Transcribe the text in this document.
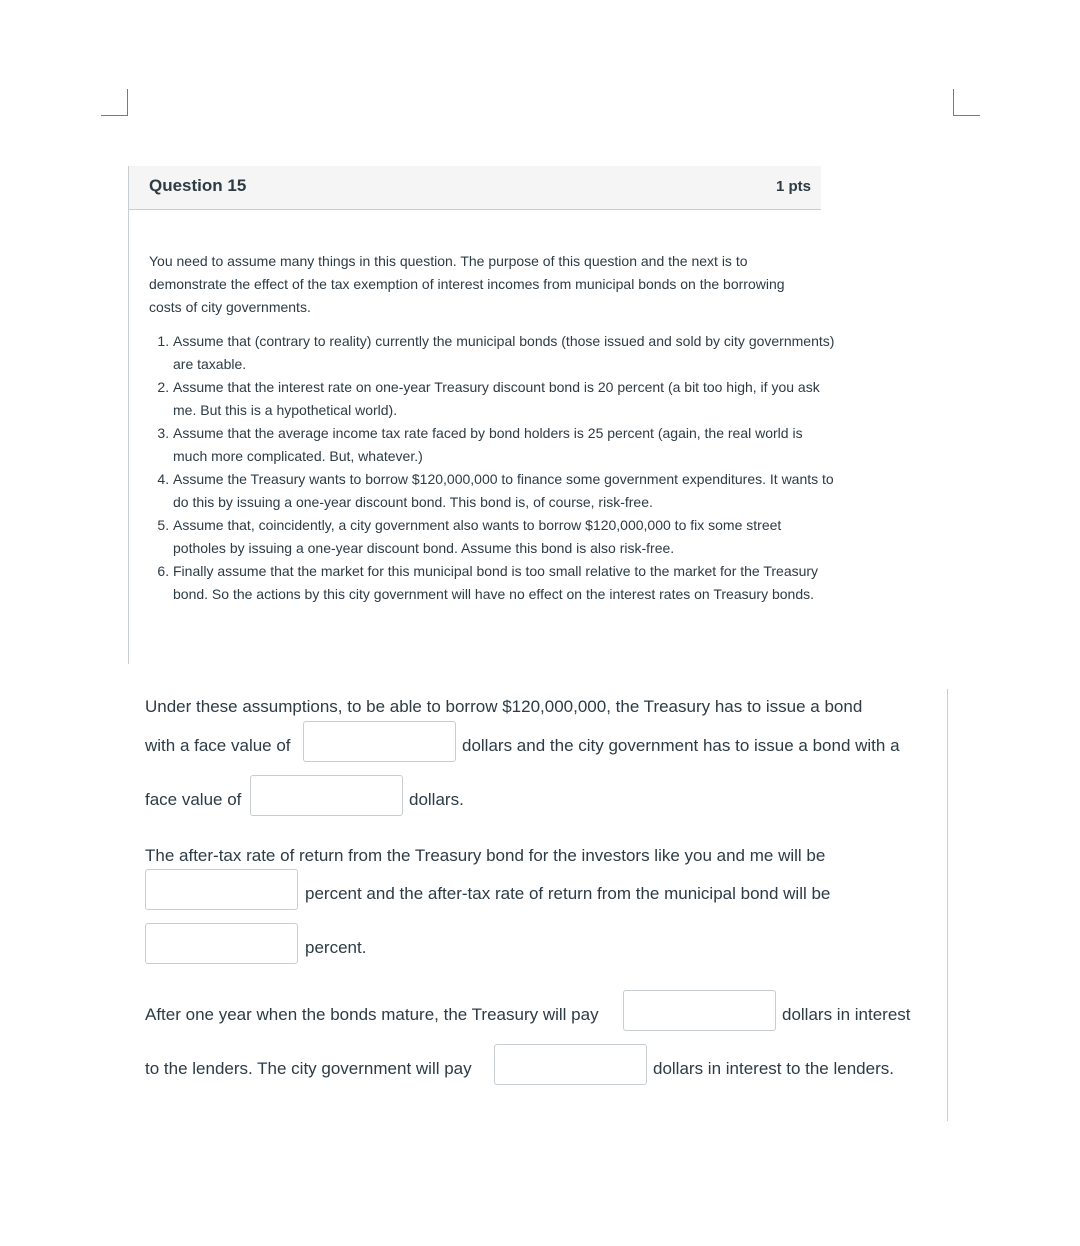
Question 15	1 pts

You need to assume many things in this question. The purpose of this question and the next is to demonstrate the effect of the tax exemption of interest incomes from municipal bonds on the borrowing costs of city governments.

1. Assume that (contrary to reality) currently the municipal bonds (those issued and sold by city governments) are taxable.
2. Assume that the interest rate on one-year Treasury discount bond is 20 percent (a bit too high, if you ask me. But this is a hypothetical world).
3. Assume that the average income tax rate faced by bond holders is 25 percent (again, the real world is much more complicated. But, whatever.)
4. Assume the Treasury wants to borrow $120,000,000 to finance some government expenditures. It wants to do this by issuing a one-year discount bond. This bond is, of course, risk-free.
5. Assume that, coincidently, a city government also wants to borrow $120,000,000 to fix some street potholes by issuing a one-year discount bond. Assume this bond is also risk-free.
6. Finally assume that the market for this municipal bond is too small relative to the market for the Treasury bond. So the actions by this city government will have no effect on the interest rates on Treasury bonds.
Under these assumptions, to be able to borrow $120,000,000, the Treasury has to issue a bond
with a face value of	dollars and the city government has to issue a bond with a
face value of	dollars.
The after-tax rate of return from the Treasury bond for the investors like you and me will be
percent and the after-tax rate of return from the municipal bond will be
percent.
After one year when the bonds mature, the Treasury will pay	dollars in interest
to the lenders. The city government will pay	dollars in interest to the lenders.
